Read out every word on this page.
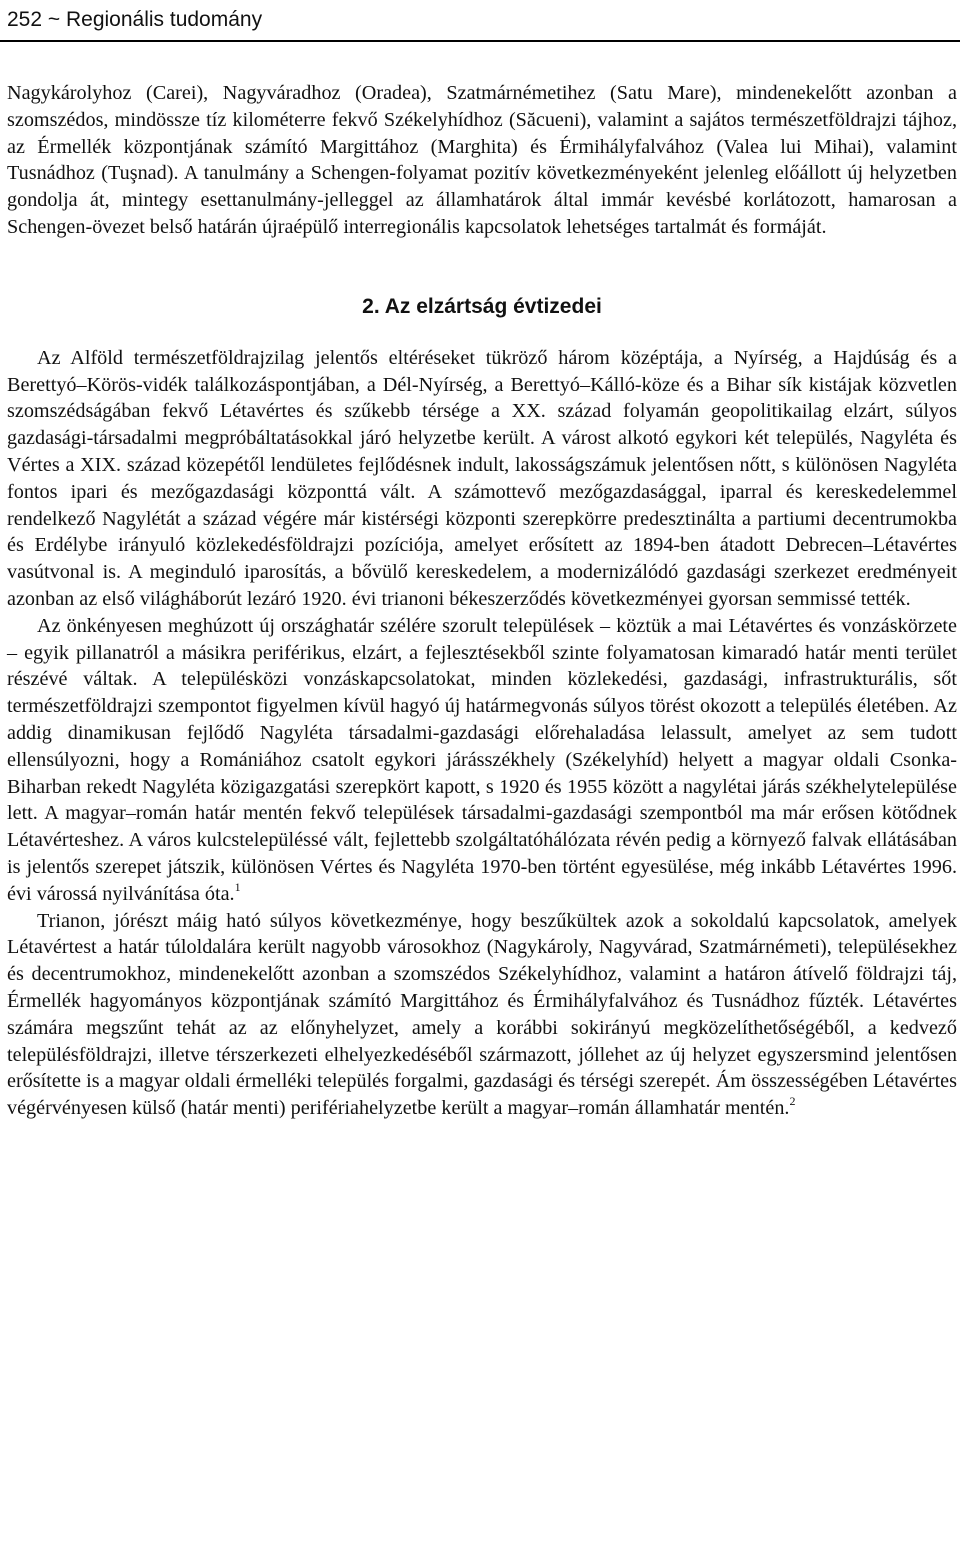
252 ~ Regionális tudomány

Nagykárolyhoz (Carei), Nagyváradhoz (Oradea), Szatmárnémetihez (Satu Mare), mindenekelőtt azonban a szomszédos, mindössze tíz kilométerre fekvő Székelyhídhoz (Săcueni), valamint a sajátos természetföldrajzi tájhoz, az Érmellék központjának számító Margittához (Marghita) és Érmihályfalvához (Valea lui Mihai), valamint Tusnádhoz (Tuşnad). A tanulmány a Schengen-folyamat pozitív következményeként jelenleg előállott új helyzetben gondolja át, mintegy esettanulmány-jelleggel az államhatárok által immár kevésbé korlátozott, hamarosan a Schengen-övezet belső határán újraépülő interregionális kapcsolatok lehetséges tartalmát és formáját.

2. Az elzártság évtizedei

Az Alföld természetföldrajzilag jelentős eltéréseket tükröző három középtája, a Nyírség, a Hajdúság és a Berettyó–Körös-vidék találkozáspontjában, a Dél-Nyírség, a Berettyó–Kálló-köze és a Bihar sík kistájak közvetlen szomszédságában fekvő Létavértes és szűkebb térsége a XX. század folyamán geopolitikailag elzárt, súlyos gazdasági-társadalmi megpróbáltatásokkal járó helyzetbe került. A várost alkotó egykori két település, Nagyléta és Vértes a XIX. század közepétől lendületes fejlődésnek indult, lakosságszámuk jelentősen nőtt, s különösen Nagyléta fontos ipari és mezőgazdasági központtá vált. A számottevő mezőgazdasággal, iparral és kereskedelemmel rendelkező Nagylétát a század végére már kistérségi központi szerepkörre predesztinálta a partiumi decentrumokba és Erdélybe irányuló közlekedésföldrajzi pozíciója, amelyet erősített az 1894-ben átadott Debrecen–Létavértes vasútvonal is. A meginduló iparosítás, a bővülő kereskedelem, a modernizálódó gazdasági szerkezet eredményeit azonban az első világháborút lezáró 1920. évi trianoni békeszerződés következményei gyorsan semmissé tették.

Az önkényesen meghúzott új országhatár szélére szorult települések – köztük a mai Létavértes és vonzáskörzete – egyik pillanatról a másikra periférikus, elzárt, a fejlesztésekből szinte folyamatosan kimaradó határ menti terület részévé váltak. A településközi vonzáskapcsolatokat, minden közlekedési, gazdasági, infrastrukturális, sőt természetföldrajzi szempontot figyelmen kívül hagyó új határmegvonás súlyos törést okozott a település életében. Az addig dinamikusan fejlődő Nagyléta társadalmi-gazdasági előrehaladása lelassult, amelyet az sem tudott ellensúlyozni, hogy a Romániához csatolt egykori járásszékhely (Székelyhíd) helyett a magyar oldali Csonka-Biharban rekedt Nagyléta közigazgatási szerepkört kapott, s 1920 és 1955 között a nagylétai járás székhelytelepülése lett. A magyar–román határ mentén fekvő települések társadalmi-gazdasági szempontból ma már erősen kötődnek Létavérteshez. A város kulcstelepüléssé vált, fejlettebb szolgáltatóhálózata révén pedig a környező falvak ellátásában is jelentős szerepet játszik, különösen Vértes és Nagyléta 1970-ben történt egyesülése, még inkább Létavértes 1996. évi várossá nyilvánítása óta.$^1$

Trianon, jórészt máig ható súlyos következménye, hogy beszűkültek azok a sokoldalú kapcsolatok, amelyek Létavértest a határ túloldalára került nagyobb városokhoz (Nagykároly, Nagyvárad, Szatmárnémeti), településekhez és decentrumokhoz, mindenekelőtt azonban a szomszédos Székelyhídhoz, valamint a határon átívelő földrajzi táj, Érmellék hagyományos központjának számító Margittához és Érmihályfalvához és Tusnádhoz fűzték. Létavértes számára megszűnt tehát az az előnyhelyzet, amely a korábbi sokirányú megközelíthetőségéből, a kedvező településföldrajzi, illetve térszerkezeti elhelyezkedéséből származott, jóllehet az új helyzet egyszersmind jelentősen erősítette is a magyar oldali érmelléki település forgalmi, gazdasági és térségi szerepét. Ám összességében Létavértes végérvényesen külső (határ menti) perifériahelyzetbe került a magyar–román államhatár mentén.$^2$
